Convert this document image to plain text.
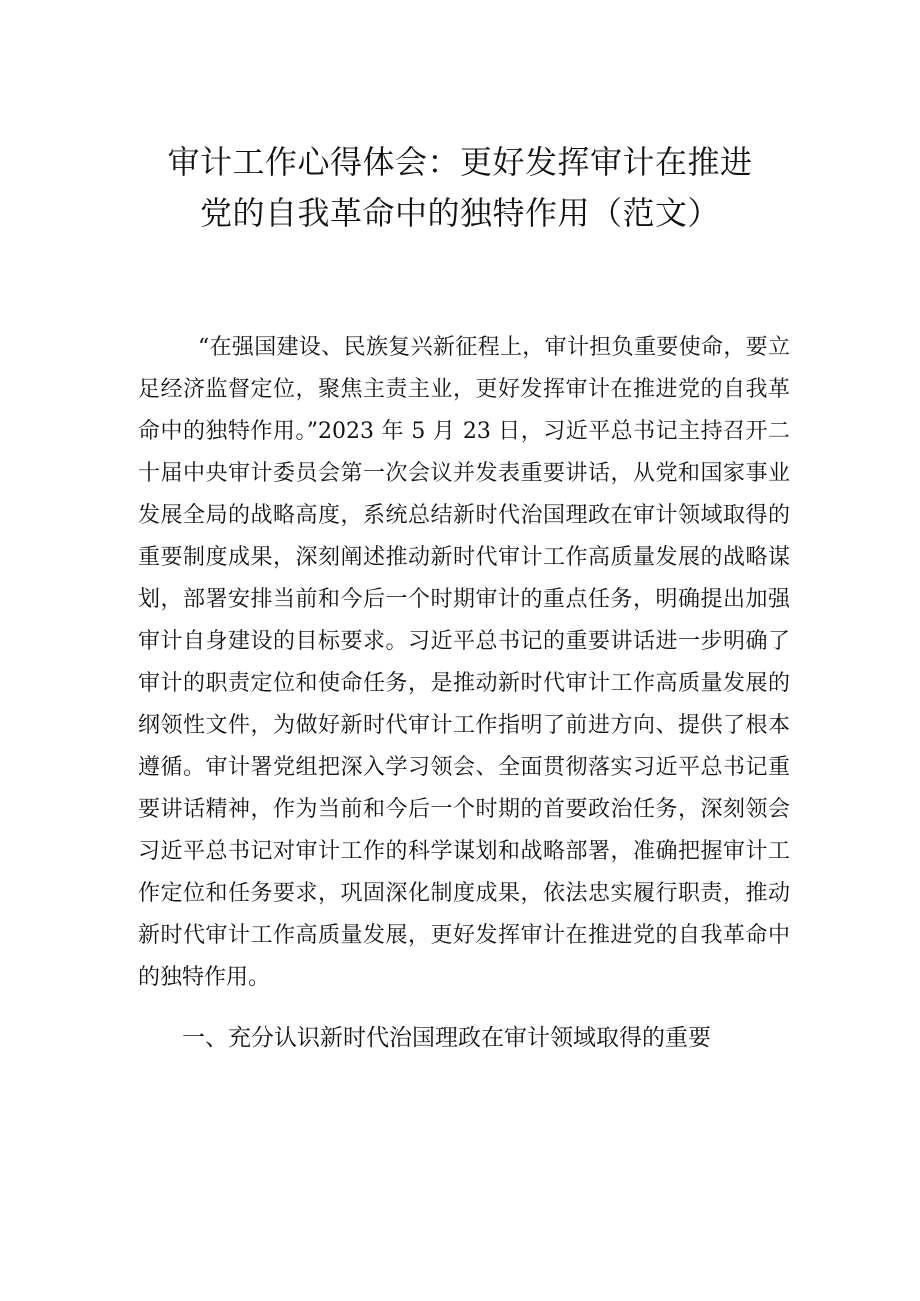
审计工作心得体会：更好发挥审计在推进
党的自我革命中的独特作用（范文）

“在强国建设、民族复兴新征程上，审计担负重要使命，要立足经济监督定位，聚焦主责主业，更好发挥审计在推进党的自我革命中的独特作用。”2023 年 5 月 23 日，习近平总书记主持召开二十届中央审计委员会第一次会议并发表重要讲话，从党和国家事业发展全局的战略高度，系统总结新时代治国理政在审计领域取得的重要制度成果，深刻阐述推动新时代审计工作高质量发展的战略谋划，部署安排当前和今后一个时期审计的重点任务，明确提出加强审计自身建设的目标要求。习近平总书记的重要讲话进一步明确了审计的职责定位和使命任务，是推动新时代审计工作高质量发展的纲领性文件，为做好新时代审计工作指明了前进方向、提供了根本遵循。审计署党组把深入学习领会、全面贯彻落实习近平总书记重要讲话精神，作为当前和今后一个时期的首要政治任务，深刻领会习近平总书记对审计工作的科学谋划和战略部署，准确把握审计工作定位和任务要求，巩固深化制度成果，依法忠实履行职责，推动新时代审计工作高质量发展，更好发挥审计在推进党的自我革命中的独特作用。

一、充分认识新时代治国理政在审计领域取得的重要
